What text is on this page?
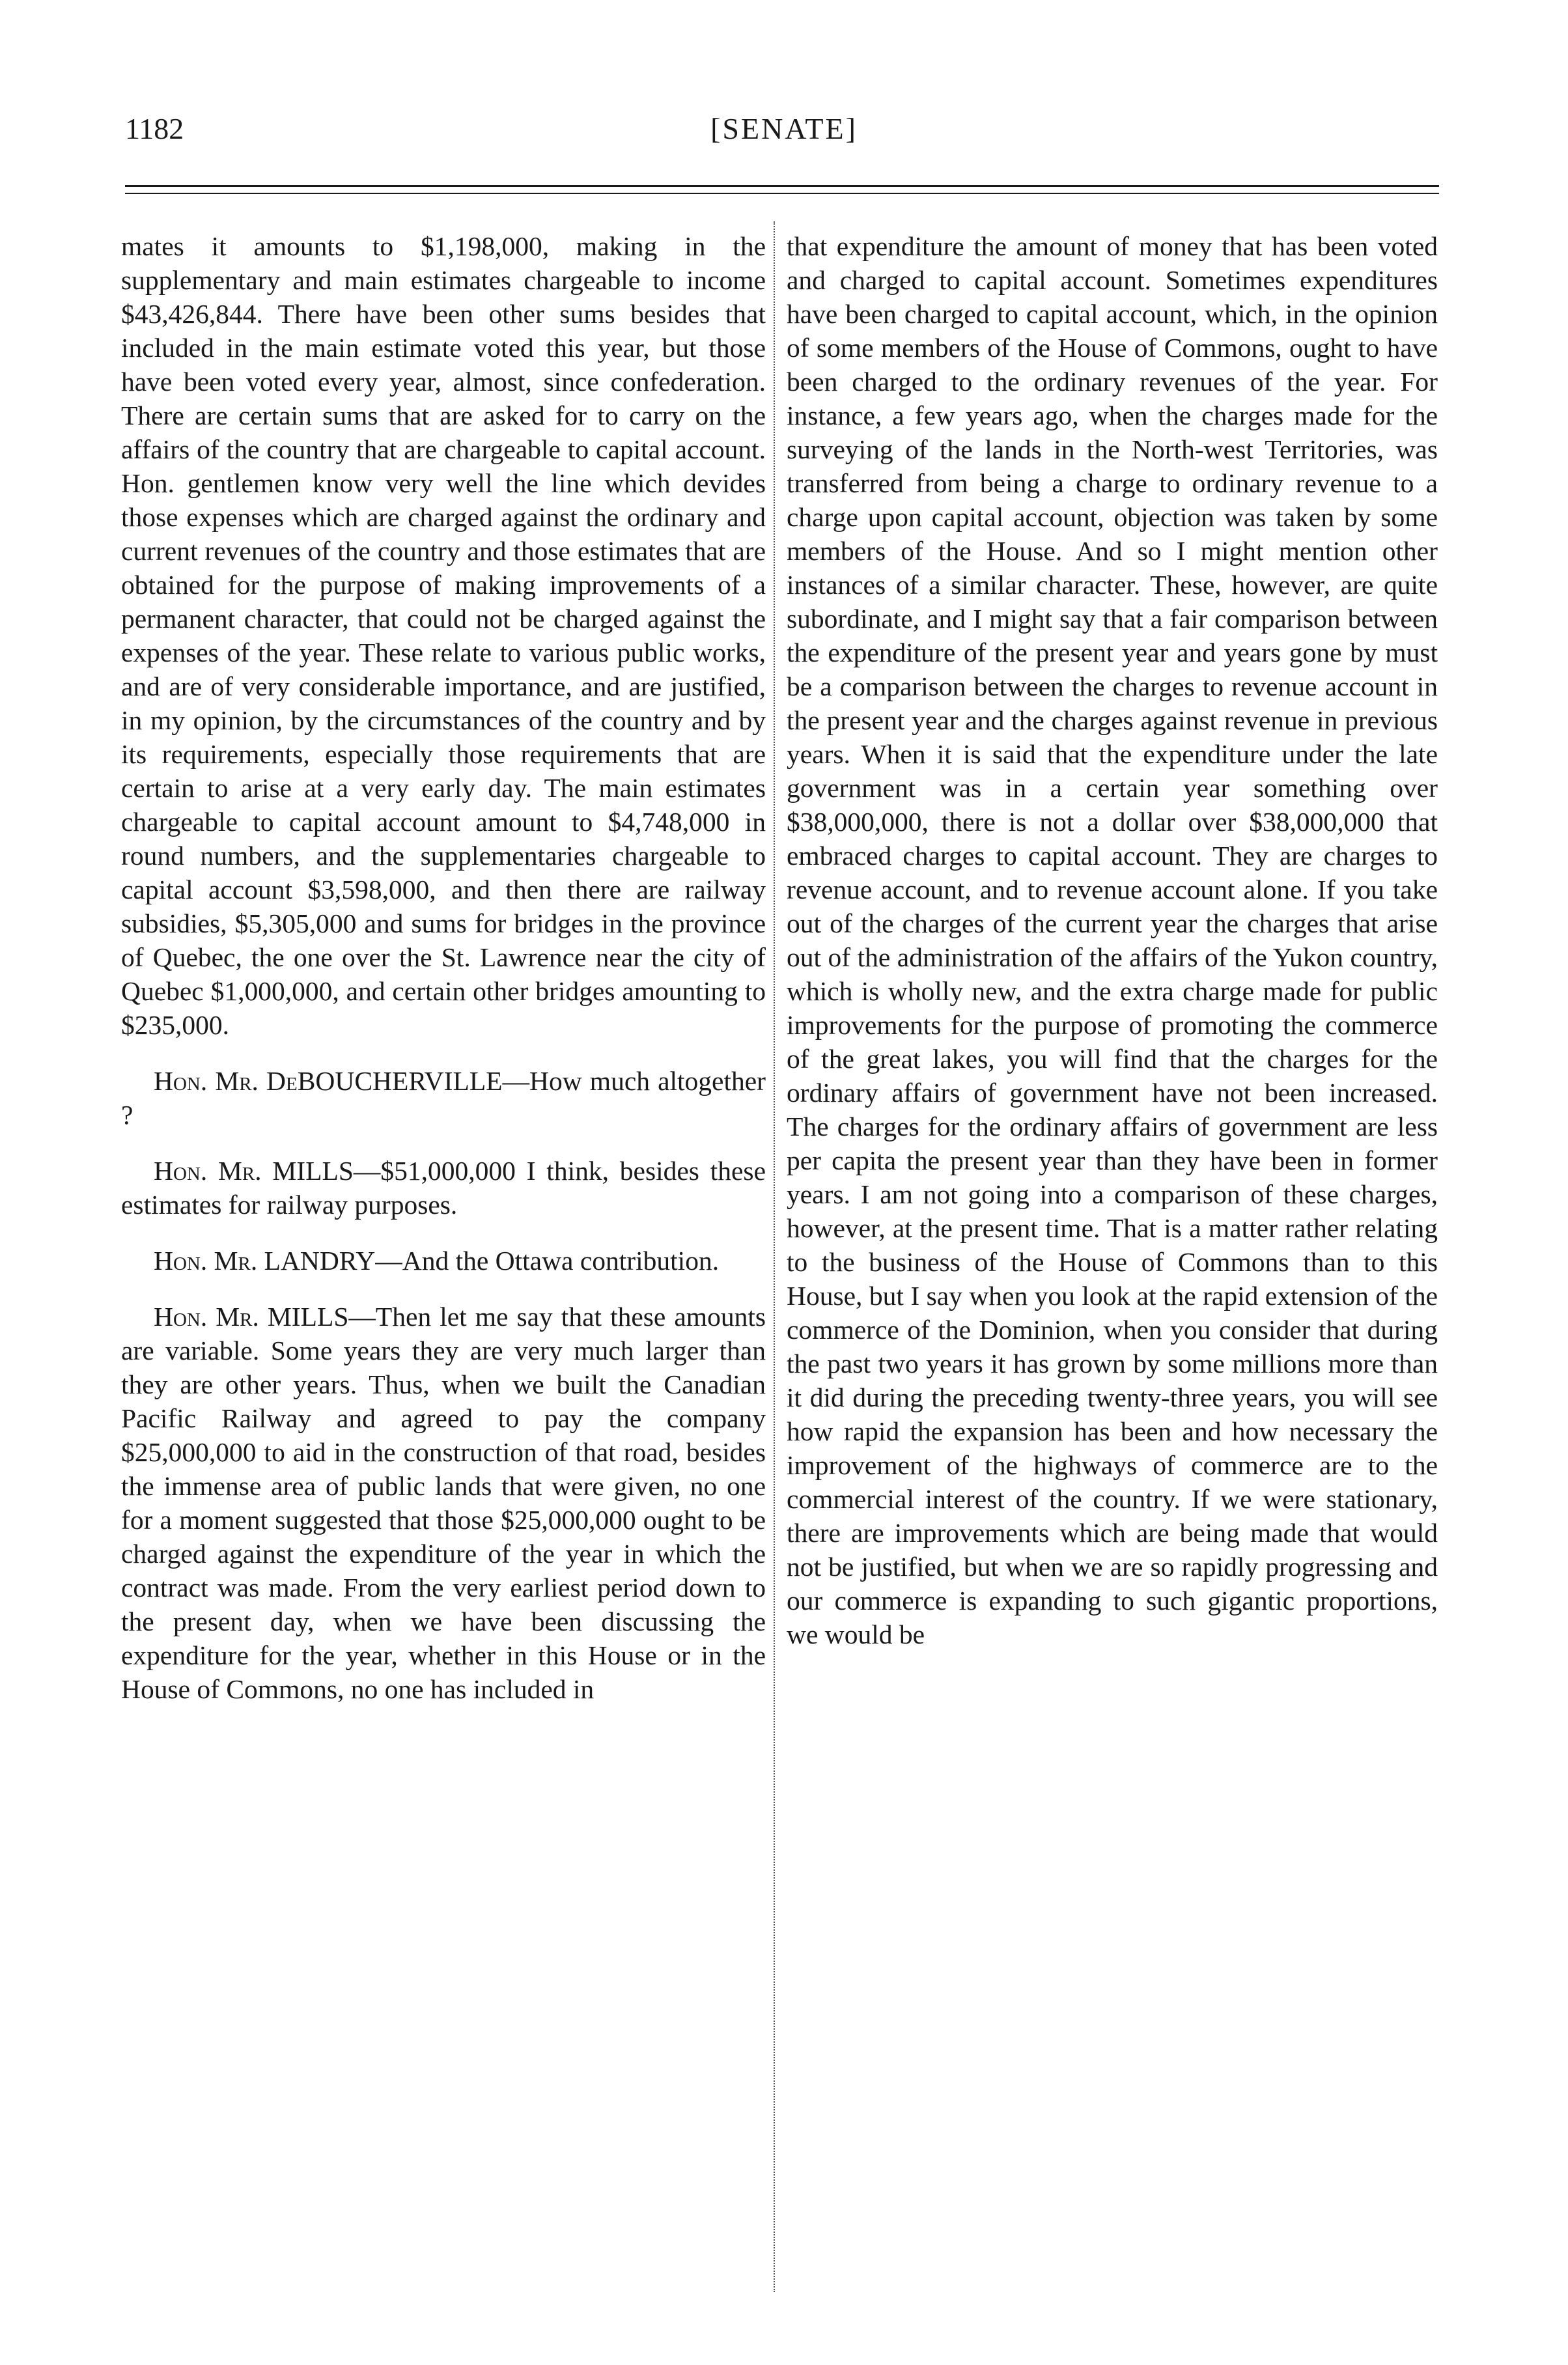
1182	[SENATE]

mates it amounts to $1,198,000, making in the supplementary and main estimates chargeable to income $43,426,844. There have been other sums besides that included in the main estimate voted this year, but those have been voted every year, almost, since confederation. There are certain sums that are asked for to carry on the affairs of the country that are chargeable to capital account. Hon. gentlemen know very well the line which devides those expenses which are charged against the ordinary and current revenues of the country and those estimates that are obtained for the purpose of making improvements of a permanent character, that could not be charged against the expenses of the year. These relate to various public works, and are of very considerable importance, and are justified, in my opinion, by the circumstances of the country and by its requirements, especially those requirements that are certain to arise at a very early day. The main estimates chargeable to capital account amount to $4,748,000 in round numbers, and the supplementaries chargeable to capital account $3,598,000, and then there are railway subsidies, $5,305,000 and sums for bridges in the province of Quebec, the one over the St. Lawrence near the city of Quebec $1,000,000, and certain other bridges amounting to $235,000.

Hon. Mr. DeBOUCHERVILLE—How much altogether ?

Hon. Mr. MILLS—$51,000,000 I think, besides these estimates for railway purposes.

Hon. Mr. LANDRY—And the Ottawa contribution.

Hon. Mr. MILLS—Then let me say that these amounts are variable. Some years they are very much larger than they are other years. Thus, when we built the Canadian Pacific Railway and agreed to pay the company $25,000,000 to aid in the construction of that road, besides the immense area of public lands that were given, no one for a moment suggested that those $25,000,000 ought to be charged against the expenditure of the year in which the contract was made. From the very earliest period down to the present day, when we have been discussing the expenditure for the year, whether in this House or in the House of Commons, no one has included in

that expenditure the amount of money that has been voted and charged to capital account. Sometimes expenditures have been charged to capital account, which, in the opinion of some members of the House of Commons, ought to have been charged to the ordinary revenues of the year. For instance, a few years ago, when the charges made for the surveying of the lands in the North-west Territories, was transferred from being a charge to ordinary revenue to a charge upon capital account, objection was taken by some members of the House. And so I might mention other instances of a similar character. These, however, are quite subordinate, and I might say that a fair comparison between the expenditure of the present year and years gone by must be a comparison between the charges to revenue account in the present year and the charges against revenue in previous years. When it is said that the expenditure under the late government was in a certain year something over $38,000,000, there is not a dollar over $38,000,000 that embraced charges to capital account. They are charges to revenue account, and to revenue account alone. If you take out of the charges of the current year the charges that arise out of the administration of the affairs of the Yukon country, which is wholly new, and the extra charge made for public improvements for the purpose of promoting the commerce of the great lakes, you will find that the charges for the ordinary affairs of government have not been increased. The charges for the ordinary affairs of government are less per capita the present year than they have been in former years. I am not going into a comparison of these charges, however, at the present time. That is a matter rather relating to the business of the House of Commons than to this House, but I say when you look at the rapid extension of the commerce of the Dominion, when you consider that during the past two years it has grown by some millions more than it did during the preceding twenty-three years, you will see how rapid the expansion has been and how necessary the improvement of the highways of commerce are to the commercial interest of the country. If we were stationary, there are improvements which are being made that would not be justified, but when we are so rapidly progressing and our commerce is expanding to such gigantic proportions, we would be
